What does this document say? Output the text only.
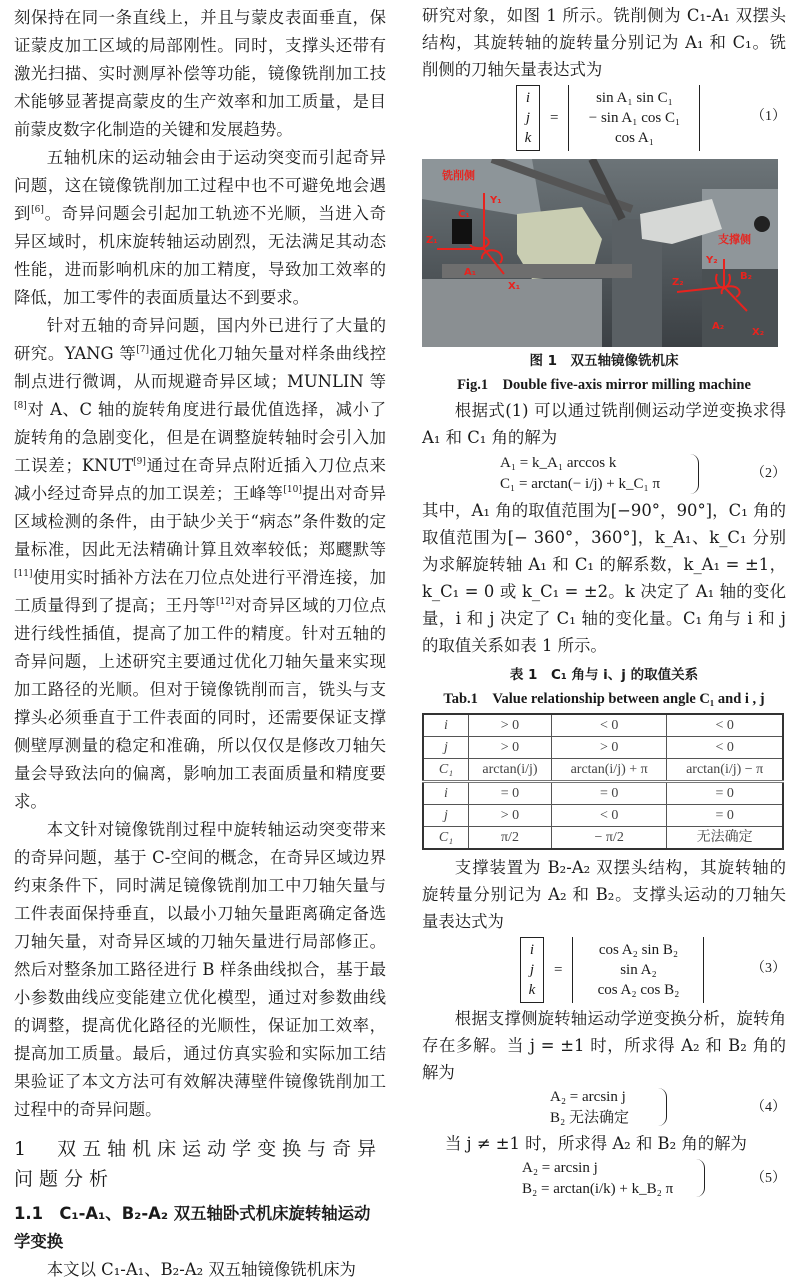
刻保持在同一条直线上，并且与蒙皮表面垂直，保证蒙皮加工区域的局部刚性。同时，支撑头还带有激光扫描、实时测厚补偿等功能，镜像铣削加工技术能够显著提高蒙皮的生产效率和加工质量，是目前蒙皮数字化制造的关键和发展趋势。

五轴机床的运动轴会由于运动突变而引起奇异问题，这在镜像铣削加工过程中也不可避免地会遇到[6]。奇异问题会引起加工轨迹不光顺，当进入奇异区域时，机床旋转轴运动剧烈，无法满足其动态性能，进而影响机床的加工精度，导致加工效率的降低，加工零件的表面质量达不到要求。

针对五轴的奇异问题，国内外已进行了大量的研究。YANG 等[7]通过优化刀轴矢量对样条曲线控制点进行微调，从而规避奇异区域；MUNLIN 等[8]对 A、C 轴的旋转角度进行最优值选择，减小了旋转角的急剧变化，但是在调整旋转轴时会引入加工误差；KNUT[9]通过在奇异点附近插入刀位点来减小经过奇异点的加工误差；王峰等[10]提出对奇异区域检测的条件，由于缺少关于“病态”条件数的定量标准，因此无法精确计算且效率较低；郑飂默等[11]使用实时插补方法在刀位点处进行平滑连接，加工质量得到了提高；王丹等[12]对奇异区域的刀位点进行线性插值，提高了加工件的精度。针对五轴的奇异问题，上述研究主要通过优化刀轴矢量来实现加工路径的光顺。但对于镜像铣削而言，铣头与支撑头必须垂直于工件表面的同时，还需要保证支撑侧壁厚测量的稳定和准确，所以仅仅是修改刀轴矢量会导致法向的偏离，影响加工表面质量和精度要求。

本文针对镜像铣削过程中旋转轴运动突变带来的奇异问题，基于 C-空间的概念，在奇异区域边界约束条件下，同时满足镜像铣削加工中刀轴矢量与工件表面保持垂直，以最小刀轴矢量距离确定备选刀轴矢量，对奇异区域的刀轴矢量进行局部修正。然后对整条加工路径进行 B 样条曲线拟合，基于最小参数曲线应变能建立优化模型，通过对参数曲线的调整，提高优化路径的光顺性，保证加工效率，提高加工质量。最后，通过仿真实验和实际加工结果验证了本文方法可有效解决薄壁件镜像铣削加工过程中的奇异问题。

1　双五轴机床运动学变换与奇异问题分析
1.1　C₁-A₁、B₂-A₂ 双五轴卧式机床旋转轴运动学变换
本文以 C₁-A₁、B₂-A₂ 双五轴镜像铣机床为

研究对象，如图 1 所示。铣削侧为 C₁-A₁ 双摆头结构，其旋转轴的旋转量分别记为 A₁ 和 C₁。铣削侧的刀轴矢量表达式为

i
j
k
=
sin A₁ sin C₁
− sin A₁ cos C₁
cos A₁
（1）
铣削侧
Y₁
Z₁
C₁
A₁
X₁
支撑侧
Y₂
B₂
Z₂
A₂
X₂
图 1　双五轴镜像铣机床
Fig.1　Double five-axis mirror milling machine

根据式(1) 可以通过铣削侧运动学逆变换求得 A₁ 和 C₁ 角的解为

A₁ = k_A₁ arccos k
C₁ = arctan(− i/j) + k_C₁ π
（2）

其中，A₁ 角的取值范围为[−90°，90°]，C₁ 角的取值范围为[− 360°，360°]，k_A₁、k_C₁ 分别为求解旋转轴 A₁ 和 C₁ 的解系数，k_A₁ = ±1，k_C₁ = 0 或 k_C₁ = ±2。k 决定了 A₁ 轴的变化量，i 和 j 决定了 C₁ 轴的变化量。C₁ 角与 i 和 j 的取值关系如表 1 所示。

表 1　C₁ 角与 i、j 的取值关系
Tab.1　Value relationship between angle C₁ and i , j
i	> 0	< 0	< 0
j	> 0	> 0	< 0
C₁	arctan(i/j)	arctan(i/j) + π	arctan(i/j) − π
i	= 0	= 0	= 0
j	> 0	< 0	= 0
C₁	π/2	− π/2	无法确定

支撑装置为 B₂-A₂ 双摆头结构，其旋转轴的旋转量分别记为 A₂ 和 B₂。支撑头运动的刀轴矢量表达式为

i
j
k
=
cos A₂ sin B₂
sin A₂
cos A₂ cos B₂
（3）

根据支撑侧旋转轴运动学逆变换分析，旋转角存在多解。当 j = ±1 时，所求得 A₂ 和 B₂ 角的解为

A₂ = arcsin j
B₂ 无法确定
（4）

当 j ≠ ±1 时，所求得 A₂ 和 B₂ 角的解为

A₂ = arcsin j
B₂ = arctan(i/k) + k_B₂ π
（5）
